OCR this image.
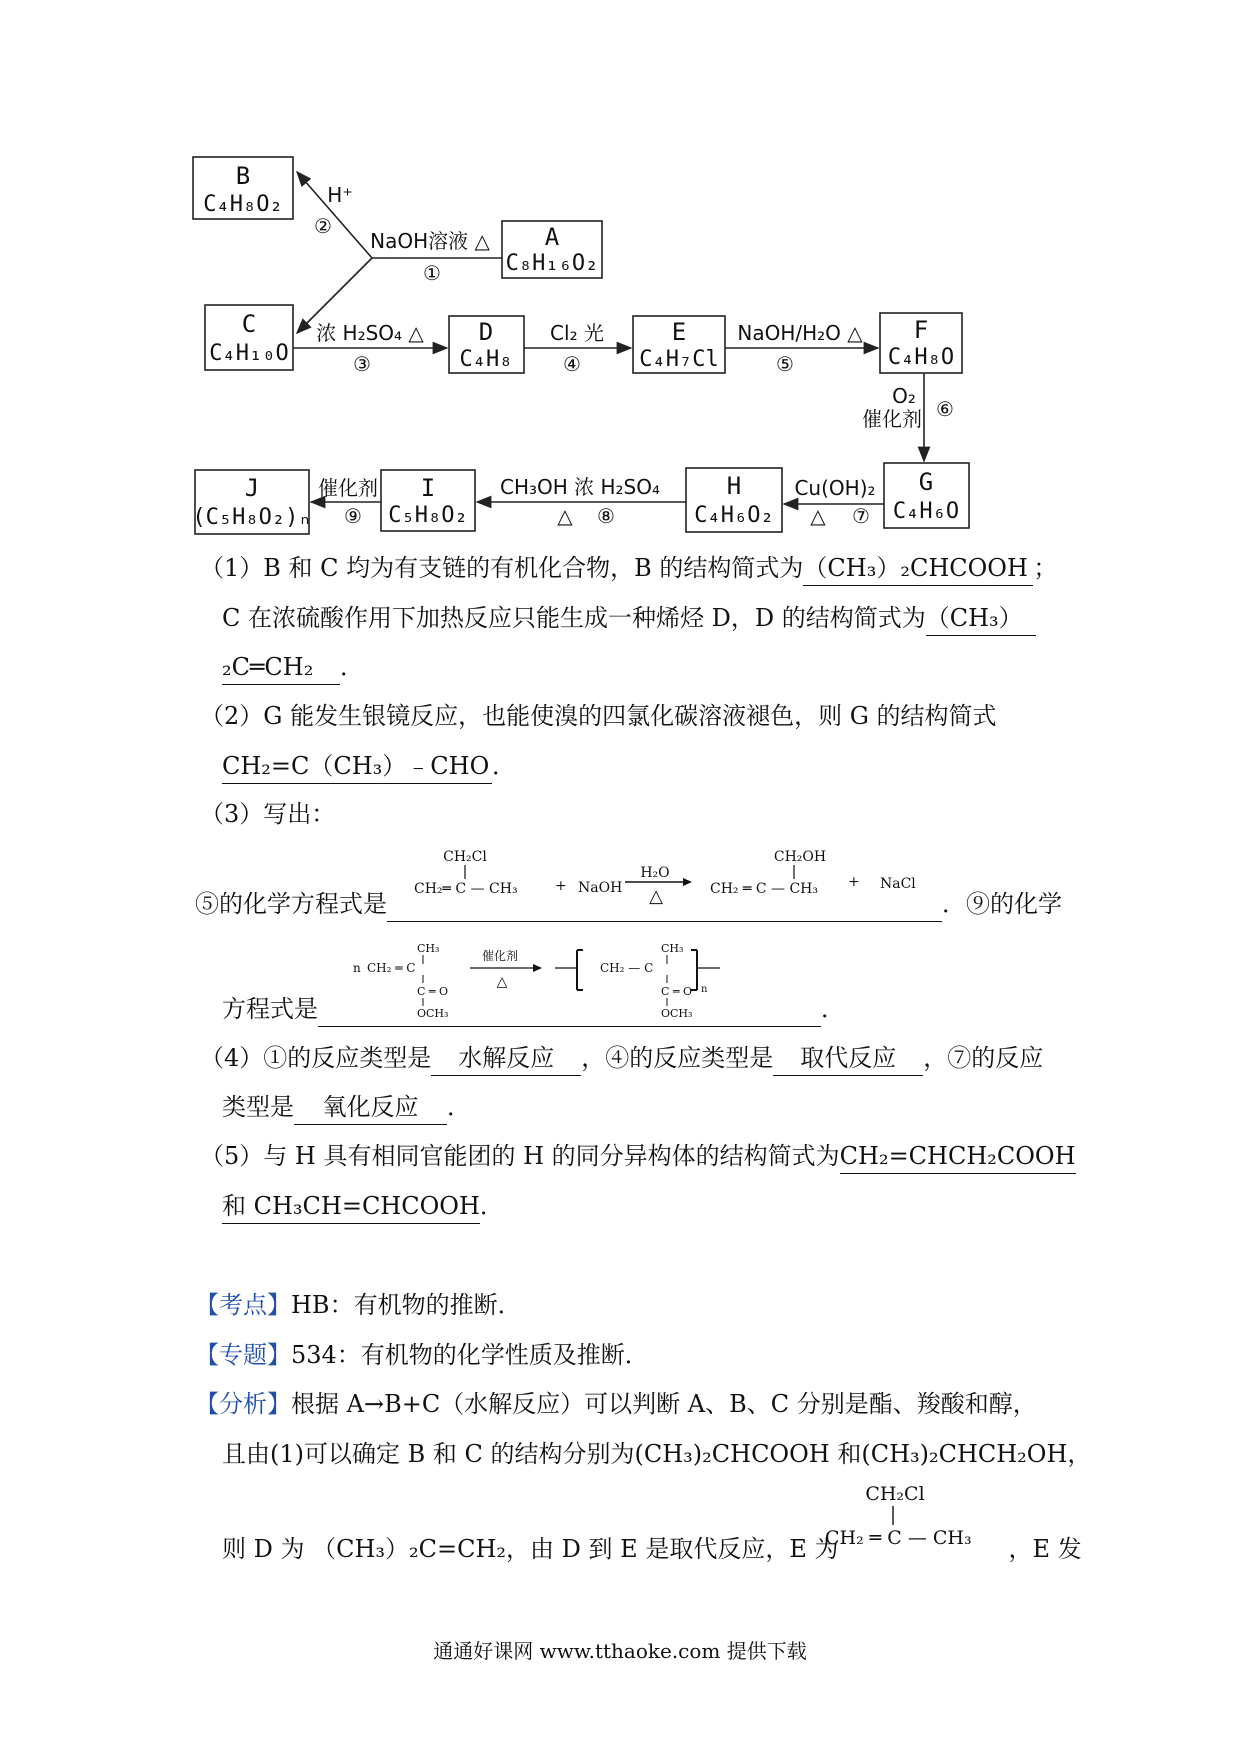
B
C₄H₈O₂
A
C₈H₁₆O₂
C
C₄H₁₀O
D
C₄H₈
E
C₄H₇Cl
F
C₄H₈O
G
C₄H₆O
H
C₄H₆O₂
I
C₅H₈O₂
J
(C₅H₈O₂)ₙ
NaOH溶液 △
①
H⁺
②
浓 H₂SO₄ △
③
Cl₂ 光
④
NaOH/H₂O △
⑤
O₂
催化剂 ⑥
Cu(OH)₂
△ ⑦
CH₃OH 浓 H₂SO₄
△ ⑧
催化剂
⑨
（1）B 和 C 均为有支链的有机化合物，B 的结构简式为（CH₃）₂CHCOOH ；
C 在浓硫酸作用下加热反应只能生成一种烯烃 D，D 的结构简式为（CH₃）
₂C═CH₂ ．
（2）G 能发生银镜反应，也能使溴的四氯化碳溶液褪色，则 G 的结构简式
CH₂=C（CH₃）﹣CHO ．
（3）写出：
⑤的化学方程式是	．⑨的化学
CH₂Cl
CH₂═ C — CH₃	+ NaOH
H₂O
△
CH₂OH
CH₂ ═ C — CH₃ + NaCl
n CH₂ ═ C
CH₃
C ═ O
OCH₃
催化剂
△
CH₂ — C
CH₃
C ═ O
OCH₃
n
方程式是	．
（4）①的反应类型是 水解反应 ，④的反应类型是 取代反应 ，⑦的反应
类型是 氧化反应 ．
（5）与 H 具有相同官能团的 H 的同分异构体的结构简式为CH₂=CHCH₂COOH
和 CH₃CH=CHCOOH．
【考点】HB：有机物的推断．
【专题】534：有机物的化学性质及推断．
【分析】根据 A→B+C（水解反应）可以判断 A、B、C 分别是酯、羧酸和醇，
且由(1)可以确定 B 和 C 的结构分别为(CH₃)₂CHCOOH 和(CH₃)₂CHCH₂OH，
则 D 为 （CH₃）₂C=CH₂，由 D 到 E 是取代反应，E 为	，E 发
CH₂Cl
CH₂ ═ C — CH₃
通通好课网 www.tthaoke.com 提供下载
